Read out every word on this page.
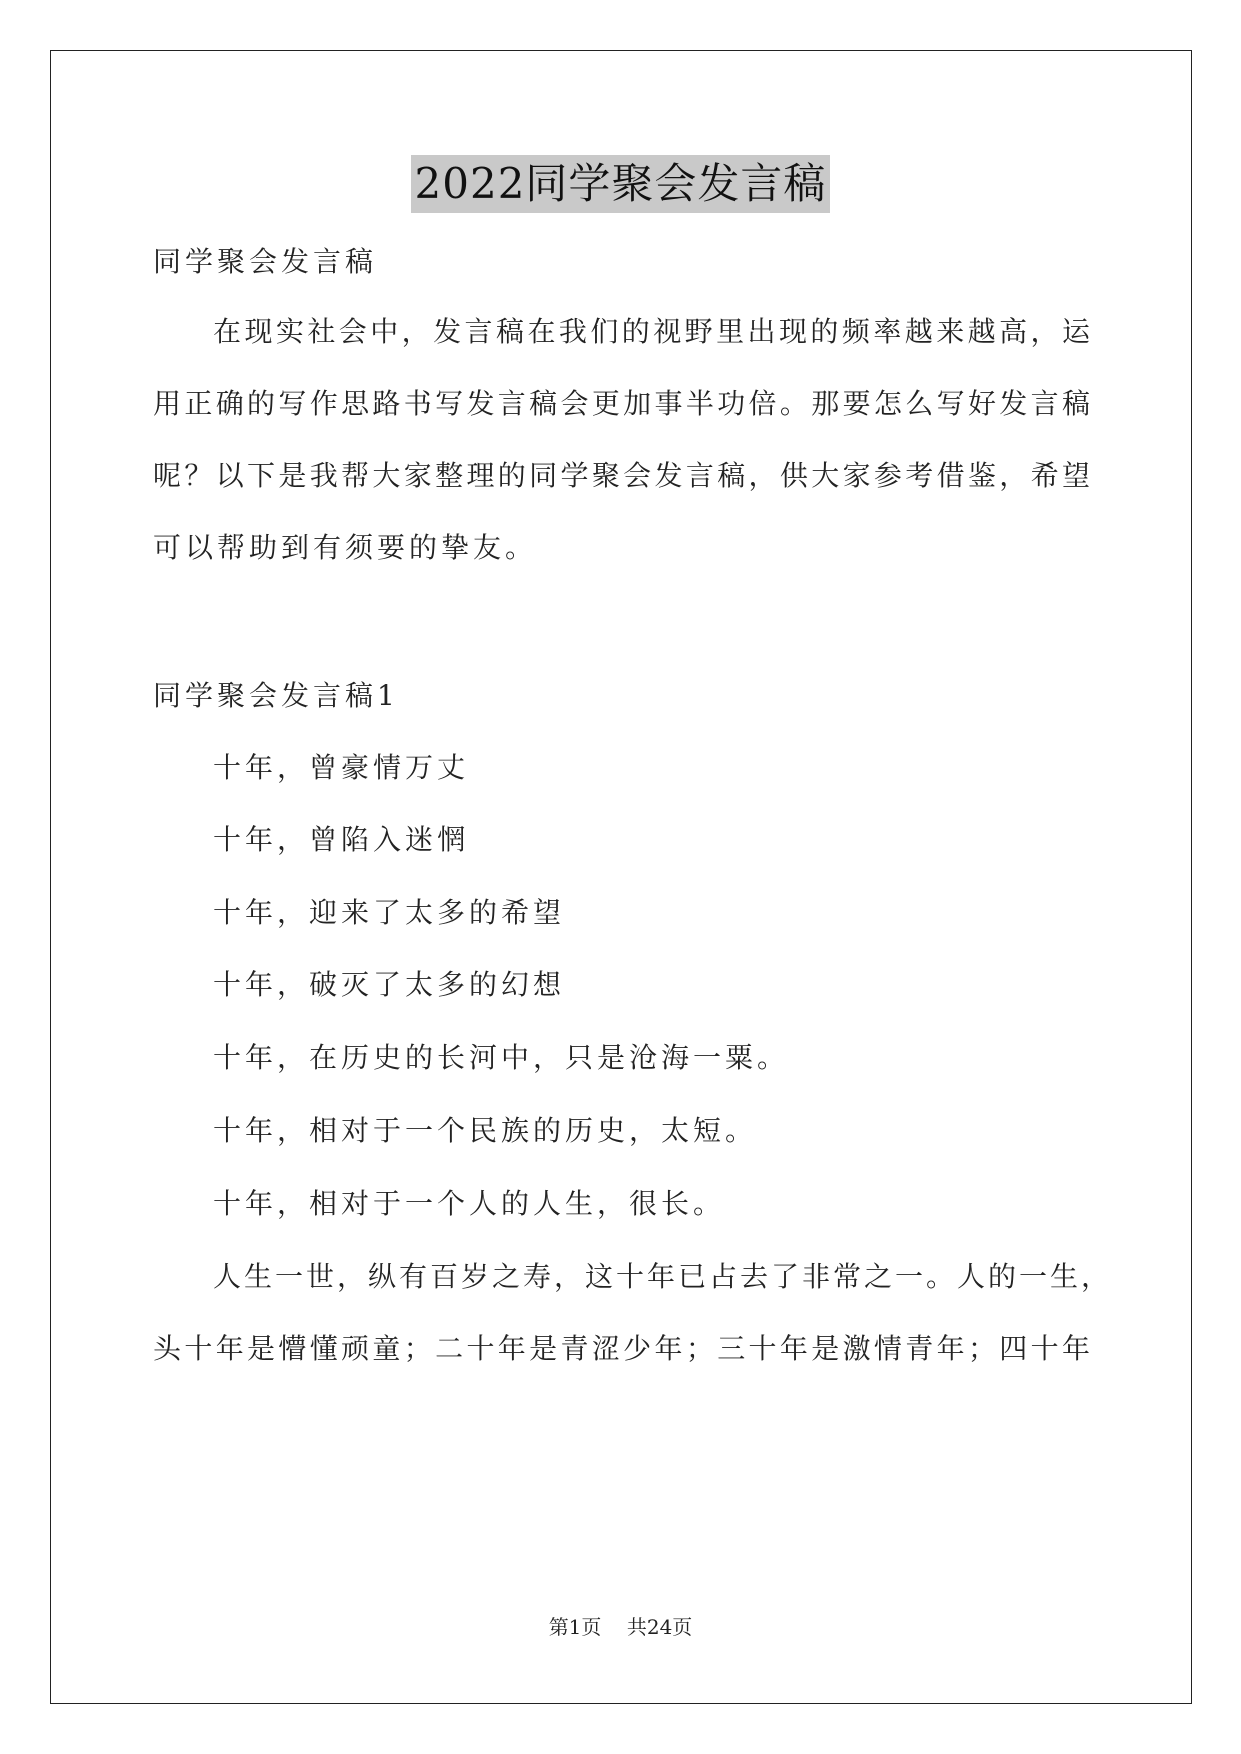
2022同学聚会发言稿
同学聚会发言稿
在现实社会中，发言稿在我们的视野里出现的频率越来越高，运
用正确的写作思路书写发言稿会更加事半功倍。那要怎么写好发言稿
呢？以下是我帮大家整理的同学聚会发言稿，供大家参考借鉴，希望
可以帮助到有须要的挚友。
同学聚会发言稿1
十年，曾豪情万丈
十年，曾陷入迷惘
十年，迎来了太多的希望
十年，破灭了太多的幻想
十年，在历史的长河中，只是沧海一粟。
十年，相对于一个民族的历史，太短。
十年，相对于一个人的人生，很长。
人生一世，纵有百岁之寿，这十年已占去了非常之一。人的一生，
头十年是懵懂顽童；二十年是青涩少年；三十年是激情青年；四十年
第1页 共24页
